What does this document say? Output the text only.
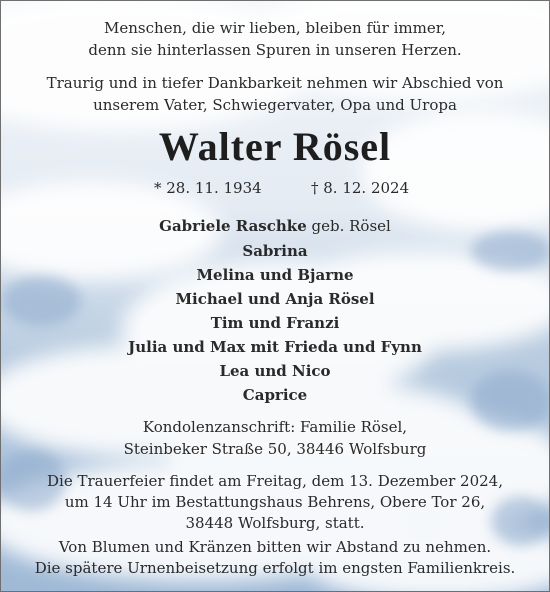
Menschen, die wir lieben, bleiben für immer,
denn sie hinterlassen Spuren in unseren Herzen.
Traurig und in tiefer Dankbarkeit nehmen wir Abschied von
unserem Vater, Schwiegervater, Opa und Uropa
Walter Rösel
* 28. 11. 1934	† 8. 12. 2024
Gabriele Raschke geb. Rösel
Sabrina
Melina und Bjarne
Michael und Anja Rösel
Tim und Franzi
Julia und Max mit Frieda und Fynn
Lea und Nico
Caprice
Kondolenzanschrift: Familie Rösel,
Steinbeker Straße 50, 38446 Wolfsburg
Die Trauerfeier findet am Freitag, dem 13. Dezember 2024,
um 14 Uhr im Bestattungshaus Behrens, Obere Tor 26,
38448 Wolfsburg, statt.
Von Blumen und Kränzen bitten wir Abstand zu nehmen.
Die spätere Urnenbeisetzung erfolgt im engsten Familienkreis.
